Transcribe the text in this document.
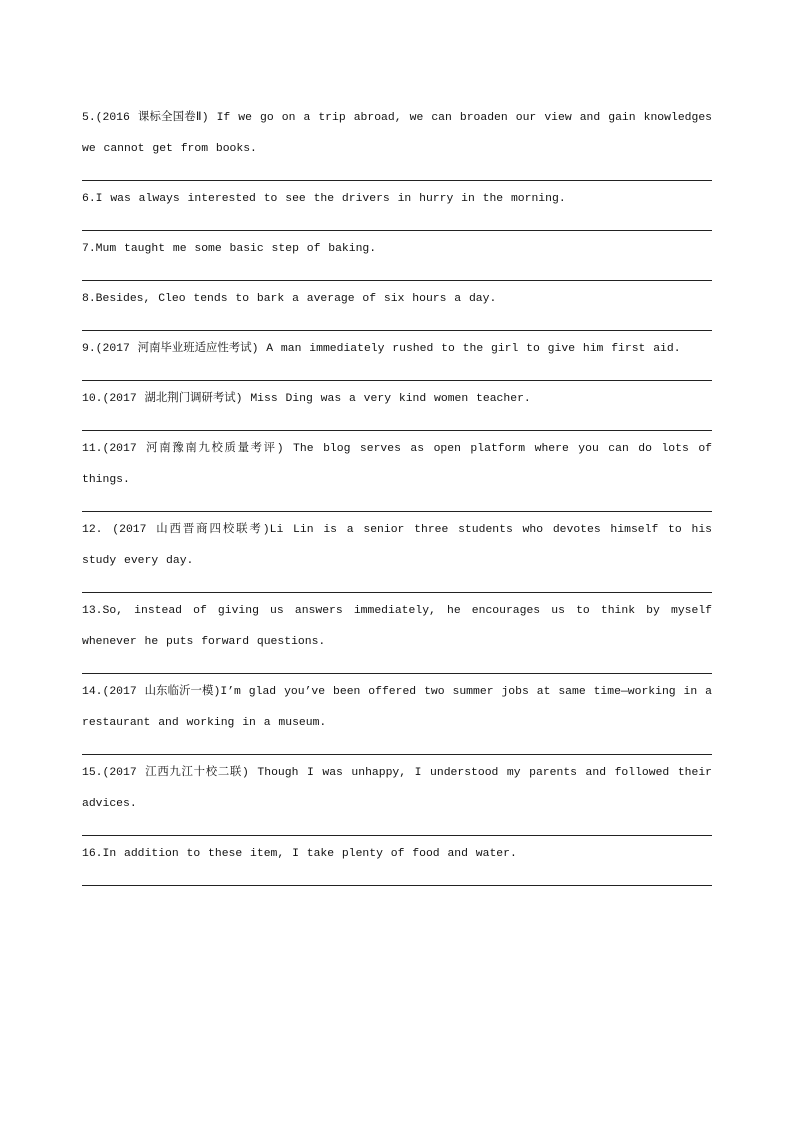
5.(2016 课标全国卷Ⅱ) If we go on a trip abroad, we can broaden our view and gain knowledges we cannot get from books.

6.I was always interested to see the drivers in hurry in the morning.

7.Mum taught me some basic step of baking.

8.Besides, Cleo tends to bark a average of six hours a day.

9.(2017 河南毕业班适应性考试) A man immediately rushed to the girl to give him first aid.

10.(2017 湖北荆门调研考试) Miss Ding was a very kind women teacher.

11.(2017 河南豫南九校质量考评) The blog serves as open platform where you can do lots of things.

12. (2017 山西晋商四校联考)Li Lin is a senior three students who devotes himself to his study every day.

13.So, instead of giving us answers immediately, he encourages us to think by myself whenever he puts forward questions.

14.(2017 山东临沂一模)I’m glad you’ve been offered two summer jobs at same time—working in a restaurant and working in a museum.

15.(2017 江西九江十校二联) Though I was unhappy, I understood my parents and followed their advices.

16.In addition to these item, I take plenty of food and water.
